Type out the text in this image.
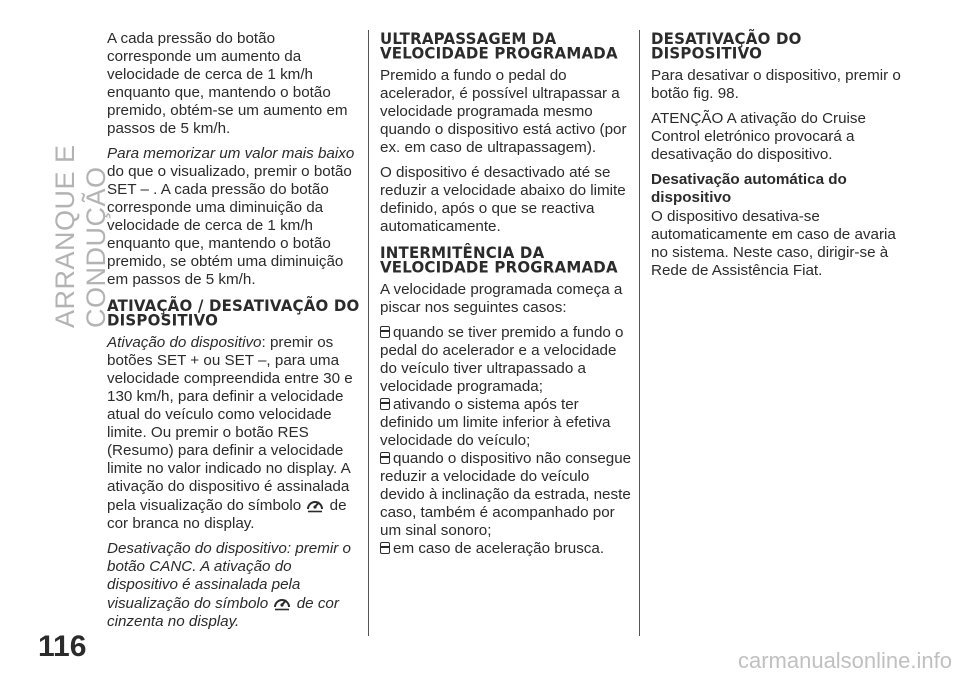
ARRANQUE E CONDUÇÃO
116

A cada pressão do botão corresponde um aumento da velocidade de cerca de 1 km/h enquanto que, mantendo o botão premido, obtém-se um aumento em passos de 5 km/h.

Para memorizar um valor mais baixo do que o visualizado, premir o botão SET – . A cada pressão do botão corresponde uma diminuição da velocidade de cerca de 1 km/h enquanto que, mantendo o botão premido, se obtém uma diminuição em passos de 5 km/h.

ATIVAÇÃO / DESATIVAÇÃO DO DISPOSITIVO

Ativação do dispositivo: premir os botões SET + ou SET –, para uma velocidade compreendida entre 30 e 130 km/h, para definir a velocidade atual do veículo como velocidade limite. Ou premir o botão RES (Resumo) para definir a velocidade limite no valor indicado no display. A ativação do dispositivo é assinalada pela visualização do símbolo de cor branca no display.

Desativação do dispositivo: premir o botão CANC. A ativação do dispositivo é assinalada pela visualização do símbolo de cor cinzenta no display.

ULTRAPASSAGEM DA VELOCIDADE PROGRAMADA

Premido a fundo o pedal do acelerador, é possível ultrapassar a velocidade programada mesmo quando o dispositivo está activo (por ex. em caso de ultrapassagem).

O dispositivo é desactivado até se reduzir a velocidade abaixo do limite definido, após o que se reactiva automaticamente.

INTERMITÊNCIA DA VELOCIDADE PROGRAMADA

A velocidade programada começa a piscar nos seguintes casos:

quando se tiver premido a fundo o pedal do acelerador e a velocidade do veículo tiver ultrapassado a velocidade programada;

ativando o sistema após ter definido um limite inferior à efetiva velocidade do veículo;

quando o dispositivo não consegue reduzir a velocidade do veículo devido à inclinação da estrada, neste caso, também é acompanhado por um sinal sonoro;

em caso de aceleração brusca.

DESATIVAÇÃO DO DISPOSITIVO

Para desativar o dispositivo, premir o botão fig. 98.

ATENÇÃO A ativação do Cruise Control eletrónico provocará a desativação do dispositivo.

Desativação automática do dispositivo

O dispositivo desativa-se automaticamente em caso de avaria no sistema. Neste caso, dirigir-se à Rede de Assistência Fiat.

carmanualsonline.info
